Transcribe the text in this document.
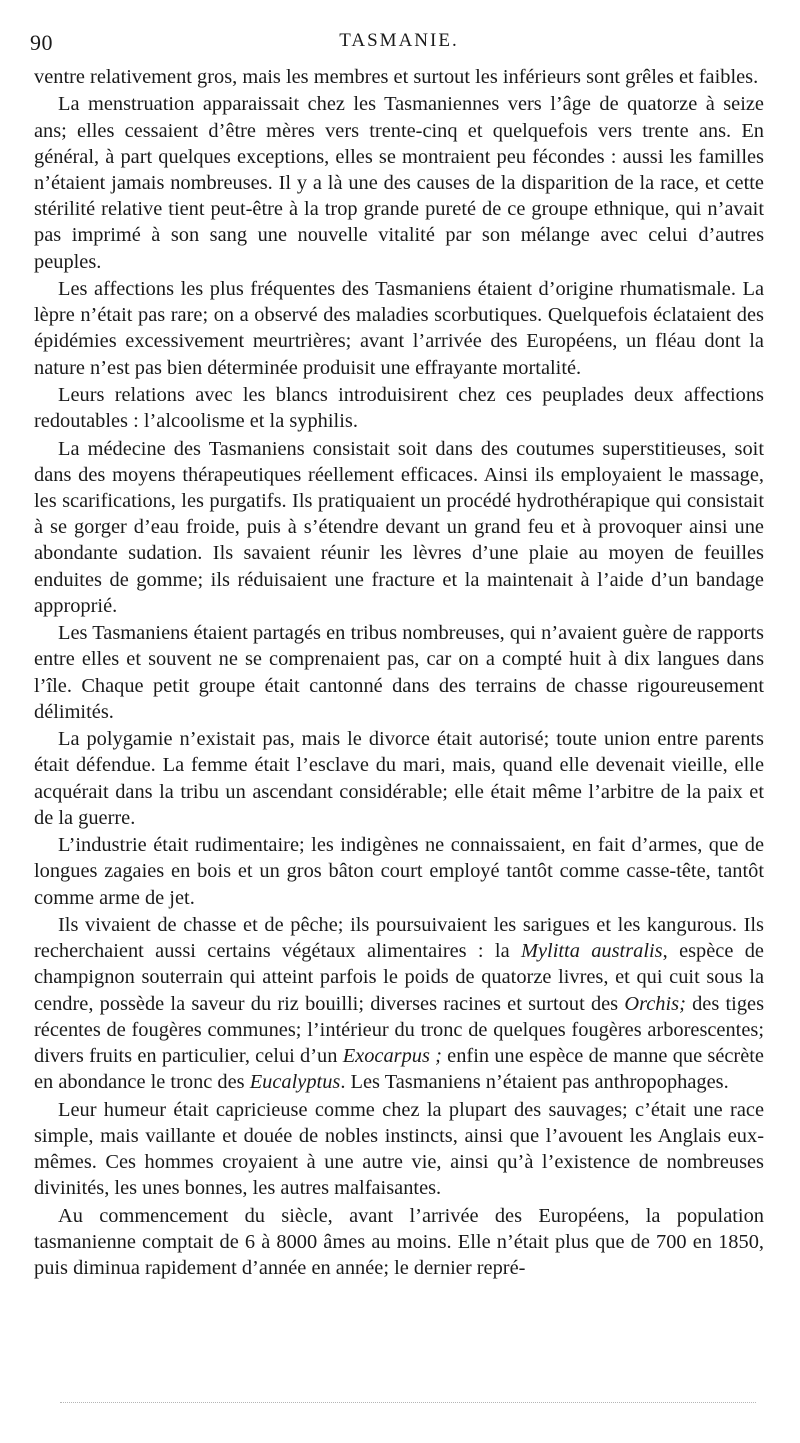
90	TASMANIE.

ventre relativement gros, mais les membres et surtout les inférieurs sont grêles et faibles.

La menstruation apparaissait chez les Tasmaniennes vers l’âge de quatorze à seize ans; elles cessaient d’être mères vers trente-cinq et quelquefois vers trente ans. En général, à part quelques exceptions, elles se montraient peu fécondes : aussi les familles n’étaient jamais nombreuses. Il y a là une des causes de la disparition de la race, et cette stérilité relative tient peut-être à la trop grande pureté de ce groupe ethnique, qui n’avait pas imprimé à son sang une nouvelle vitalité par son mélange avec celui d’autres peuples.

Les affections les plus fréquentes des Tasmaniens étaient d’origine rhumatismale. La lèpre n’était pas rare; on a observé des maladies scorbutiques. Quelquefois éclataient des épidémies excessivement meurtrières; avant l’arrivée des Européens, un fléau dont la nature n’est pas bien déterminée produisit une effrayante mortalité.

Leurs relations avec les blancs introduisirent chez ces peuplades deux affections redoutables : l’alcoolisme et la syphilis.

La médecine des Tasmaniens consistait soit dans des coutumes superstitieuses, soit dans des moyens thérapeutiques réellement efficaces. Ainsi ils employaient le massage, les scarifications, les purgatifs. Ils pratiquaient un procédé hydrothérapique qui consistait à se gorger d’eau froide, puis à s’étendre devant un grand feu et à provoquer ainsi une abondante sudation. Ils savaient réunir les lèvres d’une plaie au moyen de feuilles enduites de gomme; ils réduisaient une fracture et la maintenait à l’aide d’un bandage approprié.

Les Tasmaniens étaient partagés en tribus nombreuses, qui n’avaient guère de rapports entre elles et souvent ne se comprenaient pas, car on a compté huit à dix langues dans l’île. Chaque petit groupe était cantonné dans des terrains de chasse rigoureusement délimités.

La polygamie n’existait pas, mais le divorce était autorisé; toute union entre parents était défendue. La femme était l’esclave du mari, mais, quand elle devenait vieille, elle acquérait dans la tribu un ascendant considérable; elle était même l’arbitre de la paix et de la guerre.

L’industrie était rudimentaire; les indigènes ne connaissaient, en fait d’armes, que de longues zagaies en bois et un gros bâton court employé tantôt comme casse-tête, tantôt comme arme de jet.

Ils vivaient de chasse et de pêche; ils poursuivaient les sarigues et les kangurous. Ils recherchaient aussi certains végétaux alimentaires : la Mylitta australis, espèce de champignon souterrain qui atteint parfois le poids de quatorze livres, et qui cuit sous la cendre, possède la saveur du riz bouilli; diverses racines et surtout des Orchis; des tiges récentes de fougères communes; l’intérieur du tronc de quelques fougères arborescentes; divers fruits en particulier, celui d’un Exocarpus ; enfin une espèce de manne que sécrète en abondance le tronc des Eucalyptus. Les Tasmaniens n’étaient pas anthropophages.

Leur humeur était capricieuse comme chez la plupart des sauvages; c’était une race simple, mais vaillante et douée de nobles instincts, ainsi que l’avouent les Anglais eux-mêmes. Ces hommes croyaient à une autre vie, ainsi qu’à l’existence de nombreuses divinités, les unes bonnes, les autres malfaisantes.

Au commencement du siècle, avant l’arrivée des Européens, la population tasmanienne comptait de 6 à 8000 âmes au moins. Elle n’était plus que de 700 en 1850, puis diminua rapidement d’année en année; le dernier repré-
